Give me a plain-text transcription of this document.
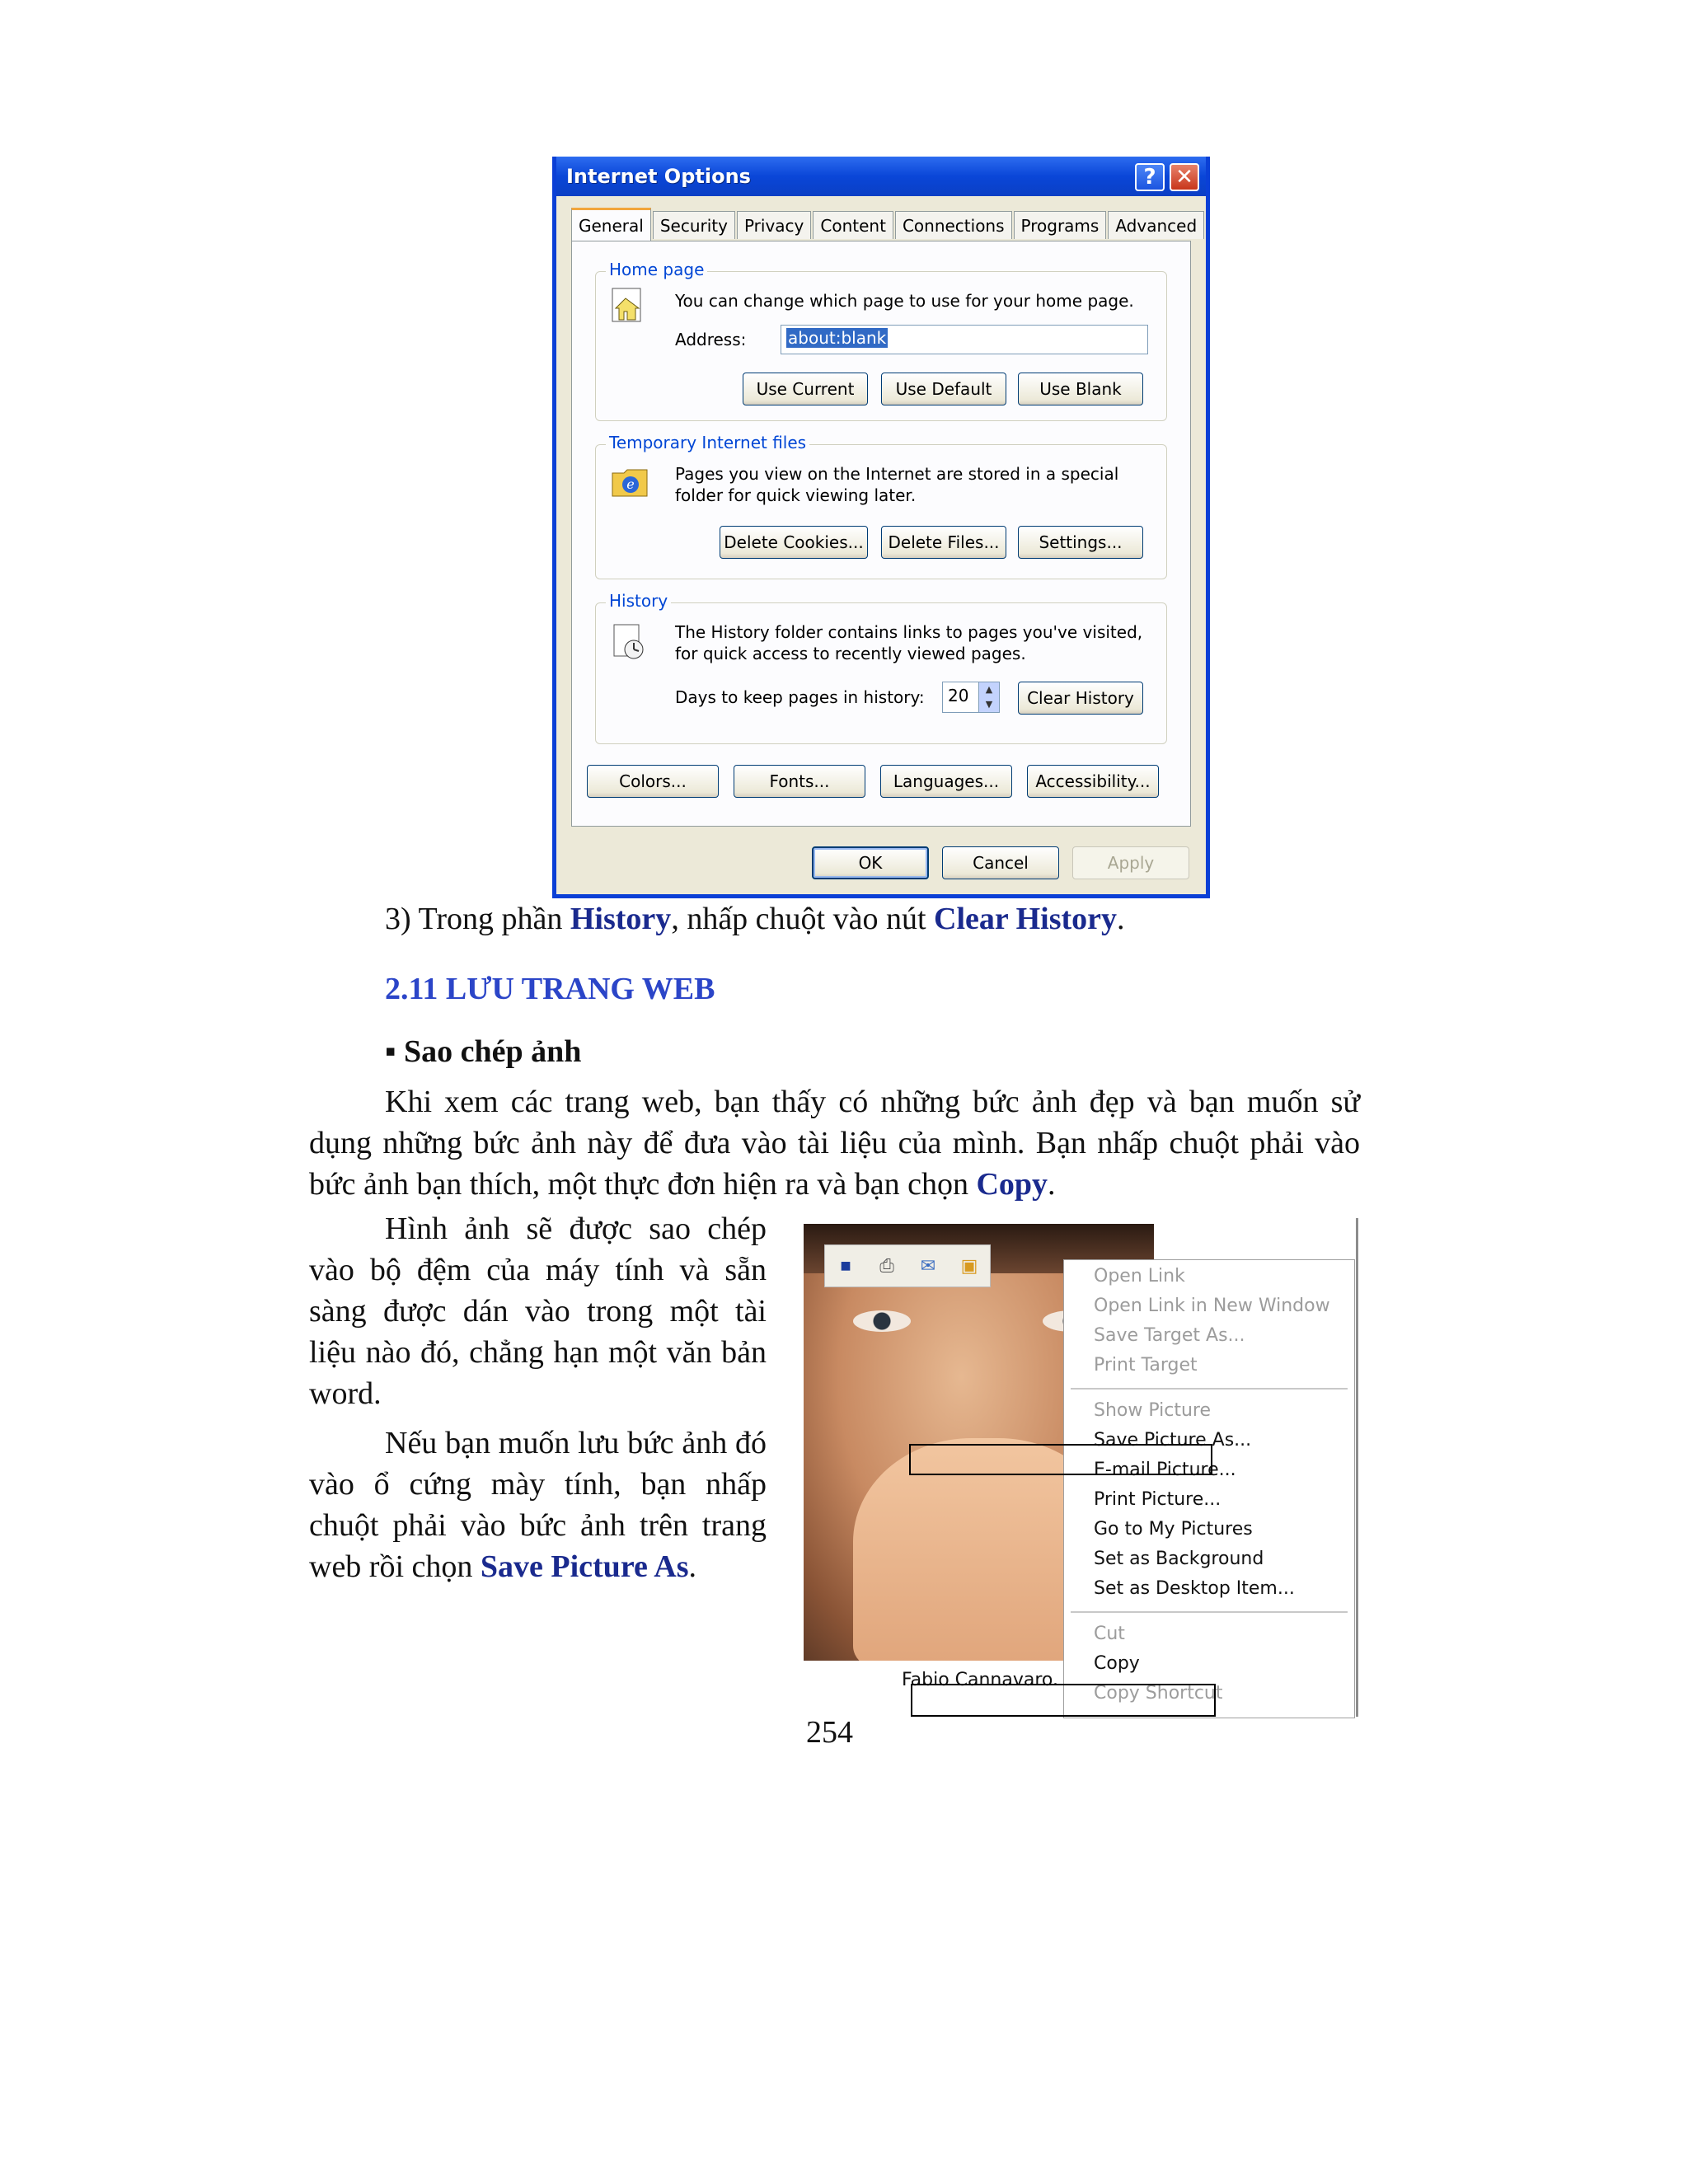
Internet Options	? ✕
General	Security	Privacy	Content	Connections	Programs	Advanced
Home page
You can change which page to use for your home page.
Address:	about:blank
Use Current	Use Default	Use Blank
Temporary Internet files
e
Pages you view on the Internet are stored in a special folder for quick viewing later.
Delete Cookies...	Delete Files...	Settings...
History
The History folder contains links to pages you've visited, for quick access to recently viewed pages.
Days to keep pages in history:	20	▲
▼	Clear History
Colors...	Fonts...	Languages...	Accessibility...
OK	Cancel	Apply
3) Trong phần History, nhấp chuột vào nút Clear History.
2.11 LƯU TRANG WEB
▪ Sao chép ảnh
Khi xem các trang web, bạn thấy có những bức ảnh đẹp và bạn muốn sử dụng những bức ảnh này để đưa vào tài liệu của mình. Bạn nhấp chuột phải vào bức ảnh bạn thích, một thực đơn hiện ra và bạn chọn Copy.
Hình ảnh sẽ được sao chép vào bộ đệm của máy tính và sẵn sàng được dán vào trong một tài liệu nào đó, chẳng hạn một văn bản word.
Nếu bạn muốn lưu bức ảnh đó vào ổ cứng mày tính, bạn nhấp chuột phải vào bức ảnh trên trang web rồi chọn Save Picture As.
■	⎙ ✉ ▣
Open Link
Open Link in New Window
Save Target As...
Print Target
Show Picture
Save Picture As...
E-mail Picture...
Print Picture...
Go to My Pictures
Set as Background
Set as Desktop Item...
Cut
Copy
Copy Shortcut
Fabio Cannavaro.
254
